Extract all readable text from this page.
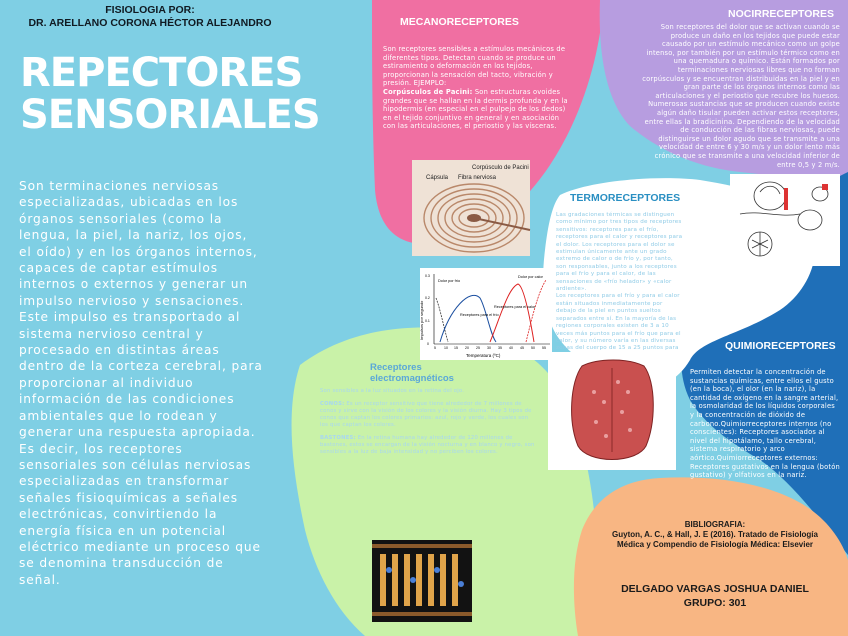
FISIOLOGIA POR:
DR. ARELLANO CORONA HÉCTOR ALEJANDRO
REPECTORES
SENSORIALES
Son terminaciones nerviosas especializadas, ubicadas en los órganos sensoriales (como la lengua, la piel, la nariz, los ojos, el oído) y en los órganos internos, capaces de captar estímulos internos o externos y generar un impulso nervioso y sensaciones. Este impulso es transportado al sistema nervioso central y procesado en distintas áreas dentro de la corteza cerebral, para proporcionar al individuo información de las condiciones ambientales que lo rodean y generar una respuesta apropiada. Es decir, los receptores sensoriales son células nerviosas especializadas en transformar señales fisioquímicas a señales electrónicas, convirtiendo la energía física en un potencial eléctrico mediante un proceso que se denomina transducción de señal.
MECANORECEPTORES
Son receptores sensibles a estímulos mecánicos de diferentes tipos. Detectan cuando se produce un estiramiento o deformación en los tejidos, proporcionan la sensación del tacto, vibración y presión. EJEMPLO:
Corpúsculos de Pacini: Son estructuras ovoides grandes que se hallan en la dermis profunda y en la hipodermis (en especial en el pulpejo de los dedos) en el tejido conjuntivo en general y en asociación con las articulaciones, el periostio y las vísceras.
Corpúsculo de Pacini
Cápsula Fibra nerviosa
NOCIRRECEPTORES
Son receptores del dolor que se activan cuando se produce un daño en los tejidos que puede estar causado por un estímulo mecánico como un golpe intenso, por también por un estímulo térmico como en una quemadura o químico. Están formados por terminaciones nerviosas libres que no forman corpúsculos y se encuentran distribuidas en la piel y en gran parte de los órganos internos como las articulaciones y el periostio que recubre los huesos. Numerosas sustancias que se producen cuando existe algún daño tisular pueden activar estos receptores, entre ellas la bradicinina. Dependiendo de la velocidad de conducción de las fibras nerviosas, puede distinguirse un dolor agudo que se transmite a una velocidad de entre 6 y 30 m/s y un dolor lento más crónico que se transmite a una velocidad inferior de entre 0,5 y 2 m/s.
TERMORECEPTORES
Las gradaciones térmicas se distinguen como mínimo por tres tipos de receptores sensitivos: receptores para el frío, receptores para el calor y receptores para el dolor. Los receptores para el dolor se estimulan únicamente ante un grado extremo de calor o de frío y, por tanto, son responsables, junto a los receptores para el frío y para el calor, de las sensaciones de «frío helador» y «calor ardiente».
Los receptores para el frío y para el calor están situados inmediatamente por debajo de la piel en puntos sueltos separados entre sí. En la mayoría de las regiones corporales existen de 3 a 10 veces más puntos para el frío que para el calor, y su número varía en las diversas zonas del cuerpo de 15 a 25 puntos para
Impulsos por segundo
Temperatura (ºC)
5 10 15 20 25 30 35 40 45 50 55
0
0.1
0.2
0.3
Dolor por frío
Receptores para el frío
Receptores para el calor
Dolor por calor
QUIMIORECEPTORES
Permiten detectar la concentración de sustancias químicas, entre ellos el gusto (en la boca), el olor (en la nariz), la cantidad de oxígeno en la sangre arterial, la osmolaridad de los líquidos corporales y la concentración de dióxido de carbono.Quimiorreceptores internos (no conscientes): Receptores asociados al nivel del hipotálamo, tallo cerebral, sistema respiratorio y arco aórtico.Quimiorreceptores externos: Receptores gustativos en la lengua (botón gustativo) y olfativos en la nariz.
Receptores
electromagnéticos
Son sensibles a la luz situados en la retina del ojo.
CONOS: Es un receptor sensitivo que tiene alrededor de 7 millones de conos y sirve con la visión de los colores y la visión diurna. Hay 3 tipos de conos que captan los colores primarios: azul, rojo y verde, los cuales son los que captan los colores.
BASTONES: En la retina humana hay alrededor de 120 millones de bastones, estos se encargan de la visión nocturna y en blanco y negro, son sensibles a la luz de baja intensidad y no perciben los colores.
BIBLIOGRAFIA:
Guyton, A. C., & Hall, J. E (2016). Tratado de Fisiología
Médica y Compendio de Fisiología Médica: Elsevier
DELGADO VARGAS JOSHUA DANIEL
GRUPO: 301
